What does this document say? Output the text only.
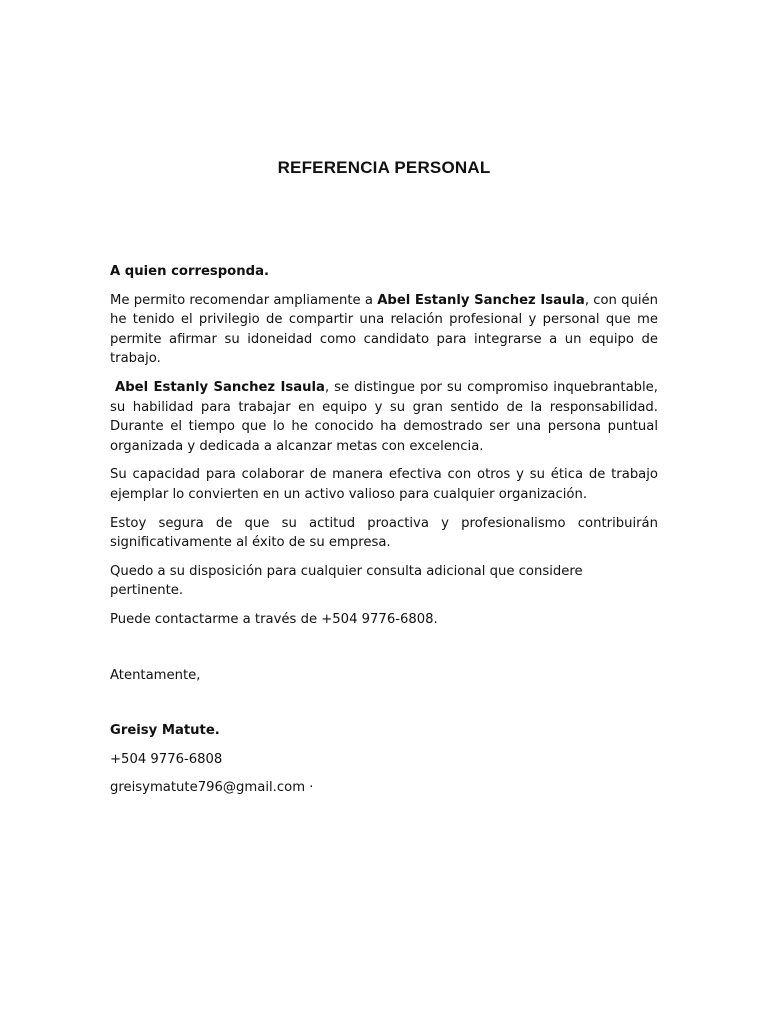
REFERENCIA PERSONAL
A quien corresponda.

Me permito recomendar ampliamente a Abel Estanly Sanchez Isaula, con quién he tenido el privilegio de compartir una relación profesional y personal que me permite afirmar su idoneidad como candidato para integrarse a un equipo de trabajo.

Abel Estanly Sanchez Isaula, se distingue por su compromiso inquebrantable, su habilidad para trabajar en equipo y su gran sentido de la responsabilidad. Durante el tiempo que lo he conocido ha demostrado ser una persona puntual organizada y dedicada a alcanzar metas con excelencia.

Su capacidad para colaborar de manera efectiva con otros y su ética de trabajo ejemplar lo convierten en un activo valioso para cualquier organización.

Estoy segura de que su actitud proactiva y profesionalismo contribuirán significativamente al éxito de su empresa.

Quedo a su disposición para cualquier consulta adicional que considere pertinente.

Puede contactarme a través de +504 9776-6808.

Atentamente,
Greisy Matute.
+504 9776-6808
greisymatute796@gmail.com ·
